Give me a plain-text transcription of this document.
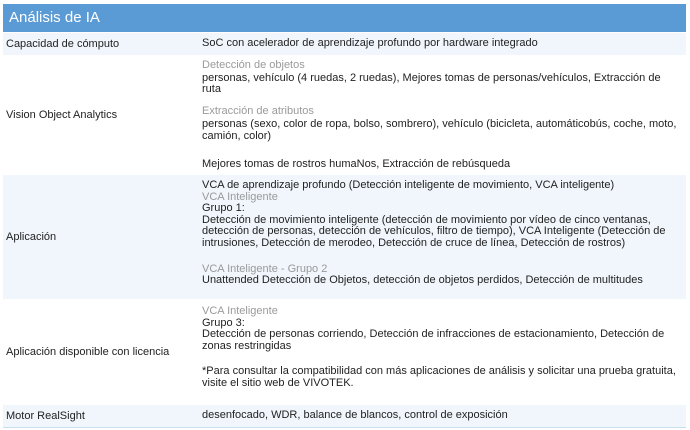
Análisis de IA
Capacidad de cómputo	SoC con acelerador de aprendizaje profundo por hardware integrado
Vision Object Analytics
Detección de objetos
personas, vehículo (4 ruedas, 2 ruedas), Mejores tomas de personas/vehículos, Extracción de ruta
Extracción de atributos
personas (sexo, color de ropa, bolso, sombrero), vehículo (bicicleta, automáticobús, coche, moto, camión, color)
Mejores tomas de rostros humaNos, Extracción de rebúsqueda
Aplicación
VCA de aprendizaje profundo (Detección inteligente de movimiento, VCA inteligente)
VCA Inteligente
Grupo 1:
Detección de movimiento inteligente (detección de movimiento por vídeo de cinco ventanas, detección de personas, detección de vehículos, filtro de tiempo), VCA Inteligente (Detección de intrusiones, Detección de merodeo, Detección de cruce de línea, Detección de rostros)
VCA Inteligente - Grupo 2
Unattended Detección de Objetos, detección de objetos perdidos, Detección de multitudes
Aplicación disponible con licencia
VCA Inteligente
Grupo 3:
Detección de personas corriendo, Detección de infracciones de estacionamiento, Detección de zonas restringidas
*Para consultar la compatibilidad con más aplicaciones de análisis y solicitar una prueba gratuita, visite el sitio web de VIVOTEK.
Motor RealSight	desenfocado, WDR, balance de blancos, control de exposición
